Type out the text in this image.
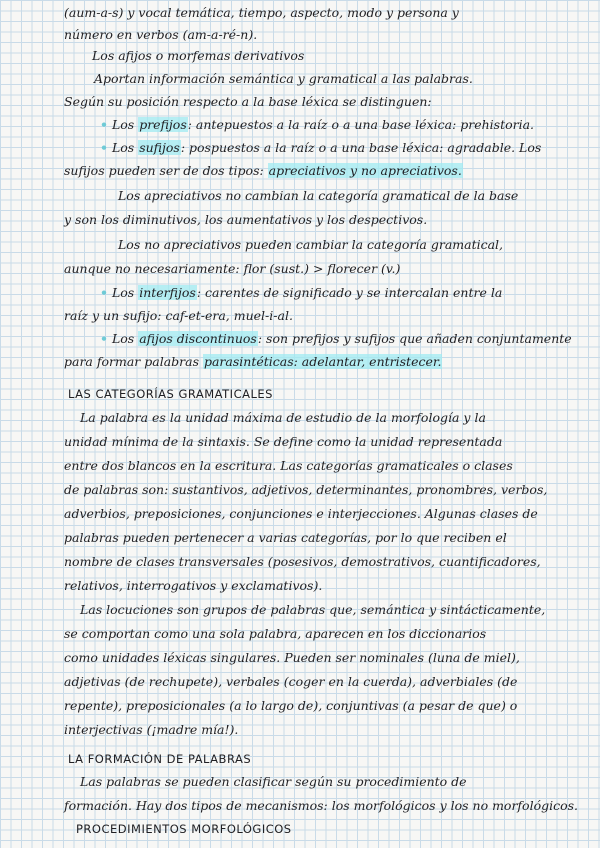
(aum-a-s) y vocal temática, tiempo, aspecto, modo y persona y
número en verbos (am-a-ré-n).
Los afijos o morfemas derivativos
Aportan información semántica y gramatical a las palabras.
Según su posición respecto a la base léxica se distinguen:
• Los prefijos: antepuestos a la raíz o a una base léxica: prehistoria.
• Los sufijos: pospuestos a la raíz o a una base léxica: agradable. Los
sufijos pueden ser de dos tipos: apreciativos y no apreciativos.
Los apreciativos no cambian la categoría gramatical de la base
y son los diminutivos, los aumentativos y los despectivos.
Los no apreciativos pueden cambiar la categoría gramatical,
aunque no necesariamente: flor (sust.) > florecer (v.)
• Los interfijos: carentes de significado y se intercalan entre la
raíz y un sufijo: caf-et-era, muel-i-al.
• Los afijos discontinuos: son prefijos y sufijos que añaden conjuntamente
para formar palabras parasintéticas: adelantar, entristecer.
LAS CATEGORÍAS GRAMATICALES
La palabra es la unidad máxima de estudio de la morfología y la
unidad mínima de la sintaxis. Se define como la unidad representada
entre dos blancos en la escritura. Las categorías gramaticales o clases
de palabras son: sustantivos, adjetivos, determinantes, pronombres, verbos,
adverbios, preposiciones, conjunciones e interjecciones. Algunas clases de
palabras pueden pertenecer a varias categorías, por lo que reciben el
nombre de clases transversales (posesivos, demostrativos, cuantificadores,
relativos, interrogativos y exclamativos).
Las locuciones son grupos de palabras que, semántica y sintácticamente,
se comportan como una sola palabra, aparecen en los diccionarios
como unidades léxicas singulares. Pueden ser nominales (luna de miel),
adjetivas (de rechupete), verbales (coger en la cuerda), adverbiales (de
repente), preposicionales (a lo largo de), conjuntivas (a pesar de que) o
interjectivas (¡madre mía!).
LA FORMACIÓN DE PALABRAS
Las palabras se pueden clasificar según su procedimiento de
formación. Hay dos tipos de mecanismos: los morfológicos y los no morfológicos.
PROCEDIMIENTOS MORFOLÓGICOS
